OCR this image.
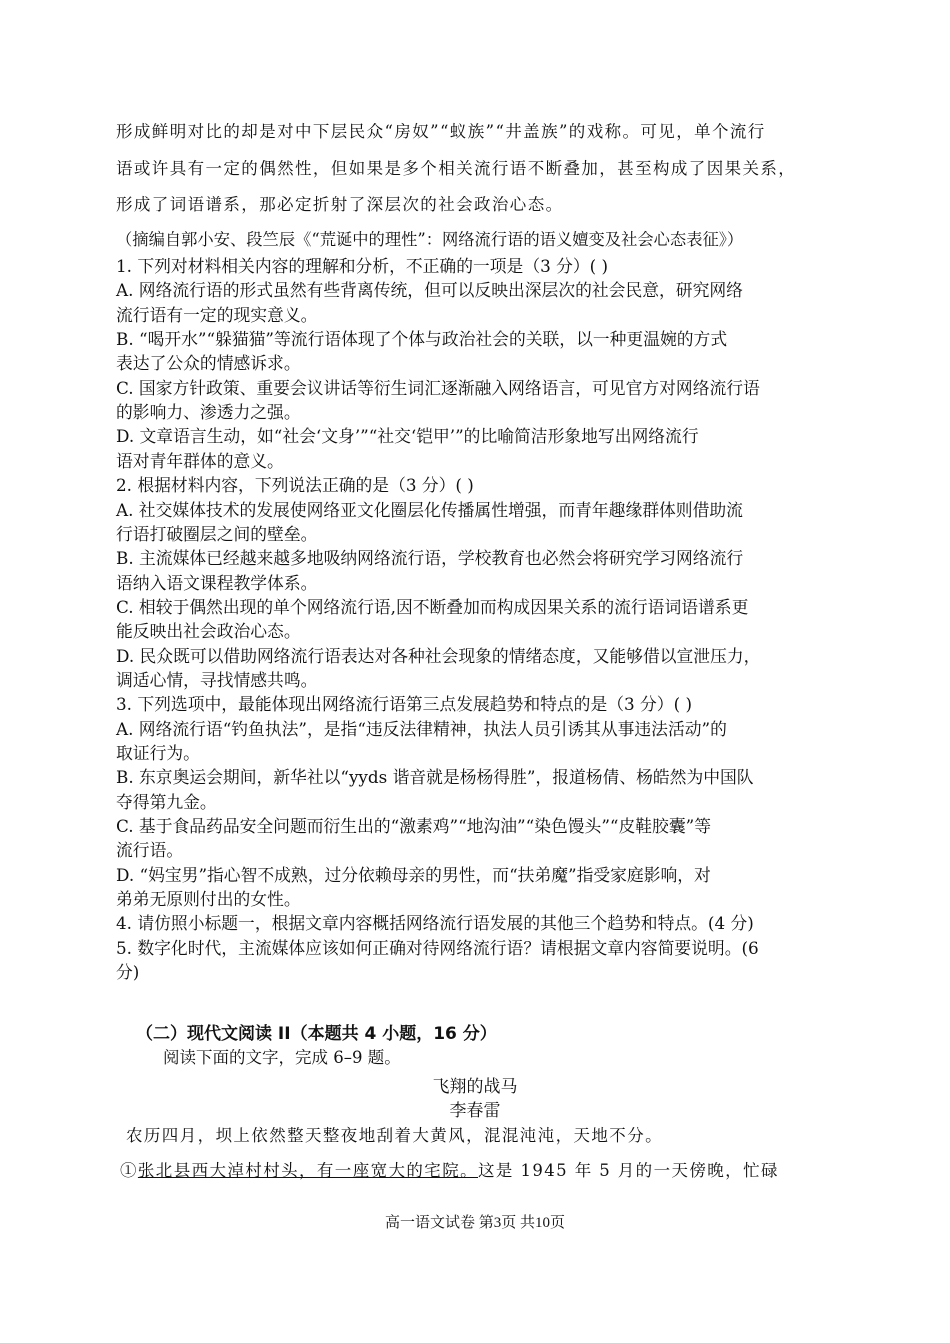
形成鲜明对比的却是对中下层民众“房奴”“蚁族”“井盖族”的戏称。可见，单个流行
语或许具有一定的偶然性，但如果是多个相关流行语不断叠加，甚至构成了因果关系，
形成了词语谱系，那必定折射了深层次的社会政治心态。
（摘编自郭小安、段竺辰《“荒诞中的理性”：网络流行语的语义嬗变及社会心态表征》）
1. 下列对材料相关内容的理解和分析，不正确的一项是（3 分）( )
A. 网络流行语的形式虽然有些背离传统，但可以反映出深层次的社会民意，研究网络
流行语有一定的现实意义。
B. “喝开水”“躲猫猫”等流行语体现了个体与政治社会的关联，以一种更温婉的方式
表达了公众的情感诉求。
C. 国家方针政策、重要会议讲话等衍生词汇逐渐融入网络语言，可见官方对网络流行语
的影响力、渗透力之强。
D. 文章语言生动，如“社会‘文身’”“社交‘铠甲’”的比喻简洁形象地写出网络流行
语对青年群体的意义。
2. 根据材料内容，下列说法正确的是（3 分）( )
A. 社交媒体技术的发展使网络亚文化圈层化传播属性增强，而青年趣缘群体则借助流
行语打破圈层之间的壁垒。
B. 主流媒体已经越来越多地吸纳网络流行语，学校教育也必然会将研究学习网络流行
语纳入语文课程教学体系。
C. 相较于偶然出现的单个网络流行语,因不断叠加而构成因果关系的流行语词语谱系更
能反映出社会政治心态。
D. 民众既可以借助网络流行语表达对各种社会现象的情绪态度，又能够借以宣泄压力，
调适心情，寻找情感共鸣。
3. 下列选项中，最能体现出网络流行语第三点发展趋势和特点的是（3 分）( )
A. 网络流行语“钓鱼执法”，是指“违反法律精神，执法人员引诱其从事违法活动”的
取证行为。
B. 东京奥运会期间，新华社以“yyds 谐音就是杨杨得胜”，报道杨倩、杨皓然为中国队
夺得第九金。
C. 基于食品药品安全问题而衍生出的“激素鸡”“地沟油”“染色馒头”“皮鞋胶囊”等
流行语。
D. “妈宝男”指心智不成熟，过分依赖母亲的男性，而“扶弟魔”指受家庭影响，对
弟弟无原则付出的女性。
4. 请仿照小标题一，根据文章内容概括网络流行语发展的其他三个趋势和特点。(4 分)
5. 数字化时代，主流媒体应该如何正确对待网络流行语？请根据文章内容简要说明。(6
分)
（二）现代文阅读 II（本题共 4 小题，16 分）
阅读下面的文字，完成 6–9 题。
飞翔的战马
李春雷
农历四月，坝上依然整天整夜地刮着大黄风，混混沌沌，天地不分。
①张北县西大淖村村头，有一座宽大的宅院。这是 1945 年 5 月的一天傍晚，忙碌
高一语文试卷 第3页 共10页
